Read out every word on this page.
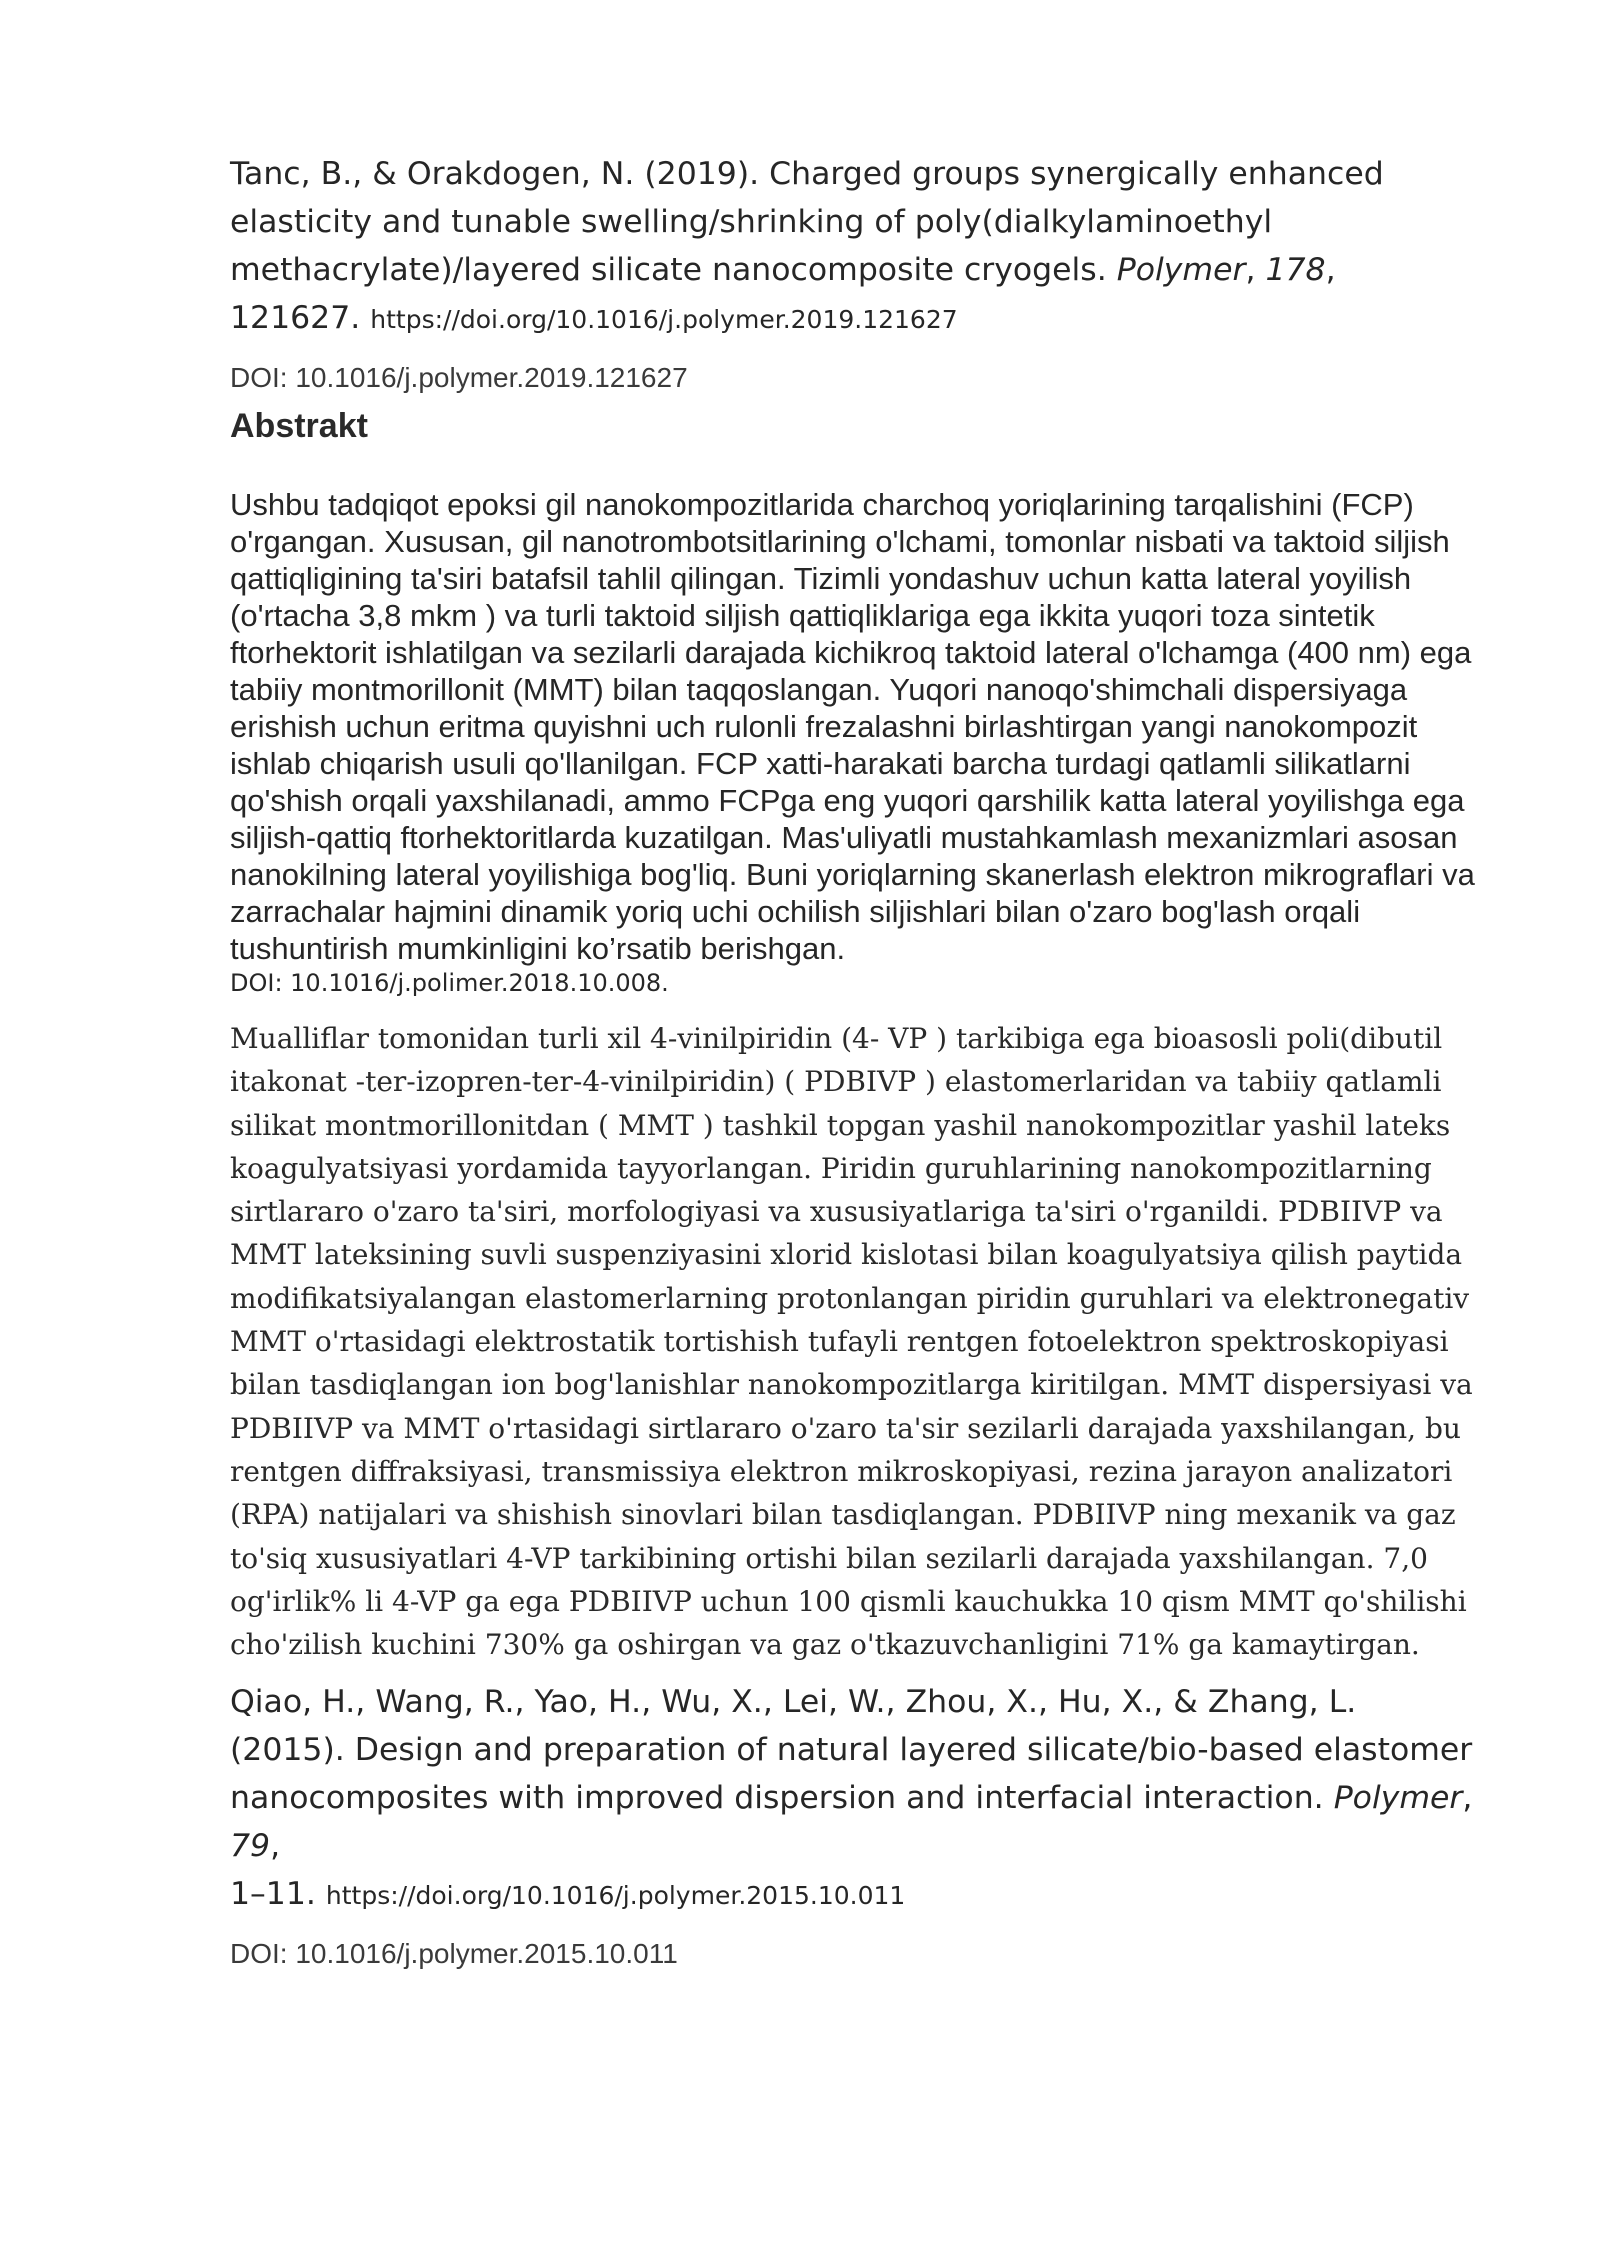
Tanc, B., & Orakdogen, N. (2019). Charged groups synergically enhanced elasticity and tunable swelling/shrinking of poly(dialkylaminoethyl methacrylate)/layered silicate nanocomposite cryogels. Polymer, 178,
121627. https://doi.org/10.1016/j.polymer.2019.121627

DOI: 10.1016/j.polymer.2019.121627

Abstrakt

Ushbu tadqiqot epoksi gil nanokompozitlarida charchoq yoriqlarining tarqalishini (FCP) o'rgangan. Xususan, gil nanotrombotsitlarining o'lchami, tomonlar nisbati va taktoid siljish qattiqligining ta'siri batafsil tahlil qilingan. Tizimli yondashuv uchun katta lateral yoyilish (o'rtacha 3,8 mkm ) va turli taktoid siljish qattiqliklariga ega ikkita yuqori toza sintetik ftorhektorit ishlatilgan va sezilarli darajada kichikroq taktoid lateral o'lchamga (400 nm) ega tabiiy montmorillonit (MMT) bilan taqqoslangan. Yuqori nanoqo'shimchali dispersiyaga erishish uchun eritma quyishni uch rulonli frezalashni birlashtirgan yangi nanokompozit ishlab chiqarish usuli qo'llanilgan. FCP xatti-harakati barcha turdagi qatlamli silikatlarni qo'shish orqali yaxshilanadi, ammo FCPga eng yuqori qarshilik katta lateral yoyilishga ega siljish-qattiq ftorhektoritlarda kuzatilgan. Mas'uliyatli mustahkamlash mexanizmlari asosan nanokilning lateral yoyilishiga bog'liq. Buni yoriqlarning skanerlash elektron mikrograflari va zarrachalar hajmini dinamik yoriq uchi ochilish siljishlari bilan o'zaro bog'lash orqali tushuntirish mumkinligini ko’rsatib berishgan.

DOI: 10.1016/j.polimer.2018.10.008.

Mualliflar tomonidan turli xil 4-vinilpiridin (4- VP ) tarkibiga ega bioasosli poli(dibutil itakonat -ter-izopren-ter-4-vinilpiridin) ( PDBIVP ) elastomerlaridan va tabiiy qatlamli silikat montmorillonitdan ( MMT ) tashkil topgan yashil nanokompozitlar yashil lateks koagulyatsiyasi yordamida tayyorlangan. Piridin guruhlarining nanokompozitlarning sirtlararo o'zaro ta'siri, morfologiyasi va xususiyatlariga ta'siri o'rganildi. PDBIIVP va MMT lateksining suvli suspenziyasini xlorid kislotasi bilan koagulyatsiya qilish paytida modifikatsiyalangan elastomerlarning protonlangan piridin guruhlari va elektronegativ MMT o'rtasidagi elektrostatik tortishish tufayli rentgen fotoelektron spektroskopiyasi bilan tasdiqlangan ion bog'lanishlar nanokompozitlarga kiritilgan. MMT dispersiyasi va PDBIIVP va MMT o'rtasidagi sirtlararo o'zaro ta'sir sezilarli darajada yaxshilangan, bu rentgen diffraksiyasi, transmissiya elektron mikroskopiyasi, rezina jarayon analizatori (RPA) natijalari va shishish sinovlari bilan tasdiqlangan. PDBIIVP ning mexanik va gaz to'siq xususiyatlari 4-VP tarkibining ortishi bilan sezilarli darajada yaxshilangan. 7,0 og'irlik% li 4-VP ga ega PDBIIVP uchun 100 qismli kauchukka 10 qism MMT qo'shilishi cho'zilish kuchini 730% ga oshirgan va gaz o'tkazuvchanligini 71% ga kamaytirgan.

Qiao, H., Wang, R., Yao, H., Wu, X., Lei, W., Zhou, X., Hu, X., & Zhang, L. (2015). Design and preparation of natural layered silicate/bio-based elastomer nanocomposites with improved dispersion and interfacial interaction. Polymer, 79,
1–11. https://doi.org/10.1016/j.polymer.2015.10.011

DOI: 10.1016/j.polymer.2015.10.011
